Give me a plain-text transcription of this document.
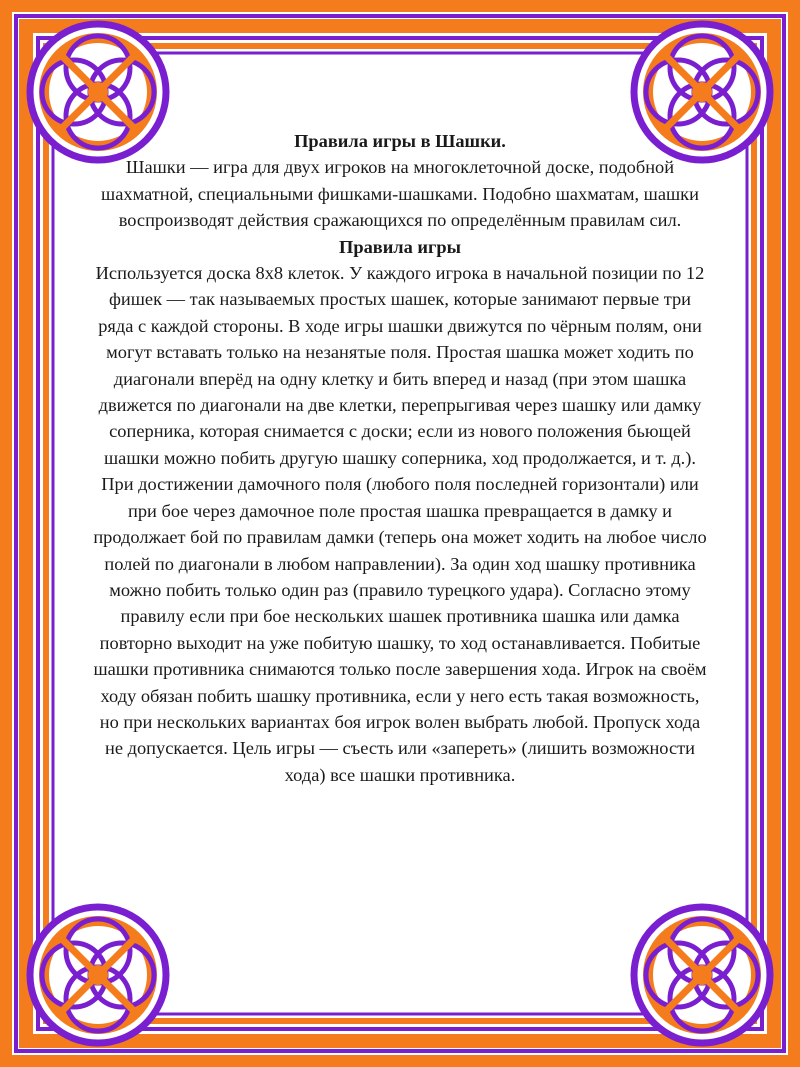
Правила игры в Шашки.

Шашки — игра для двух игроков на многоклеточной доске, подобной шахматной, специальными фишками-шашками. Подобно шахматам, шашки воспроизводят действия сражающихся по определённым правилам сил.

Правила игры

Используется доска 8х8 клеток. У каждого игрока в начальной позиции по 12 фишек — так называемых простых шашек, которые занимают первые три ряда с каждой стороны. В ходе игры шашки движутся по чёрным полям, они могут вставать только на незанятые поля. Простая шашка может ходить по диагонали вперёд на одну клетку и бить вперед и назад (при этом шашка движется по диагонали на две клетки, перепрыгивая через шашку или дамку соперника, которая снимается с доски; если из нового положения бьющей шашки можно побить другую шашку соперника, ход продолжается, и т. д.). При достижении дамочного поля (любого поля последней горизонтали) или при бое через дамочное поле простая шашка превращается в дамку и продолжает бой по правилам дамки (теперь она может ходить на любое число полей по диагонали в любом направлении). За один ход шашку противника можно побить только один раз (правило турецкого удара). Согласно этому правилу если при бое нескольких шашек противника шашка или дамка повторно выходит на уже побитую шашку, то ход останавливается. Побитые шашки противника снимаются только после завершения хода. Игрок на своём ходу обязан побить шашку противника, если у него есть такая возможность, но при нескольких вариантах боя игрок волен выбрать любой. Пропуск хода не допускается. Цель игры — съесть или «запереть» (лишить возможности хода) все шашки противника.
